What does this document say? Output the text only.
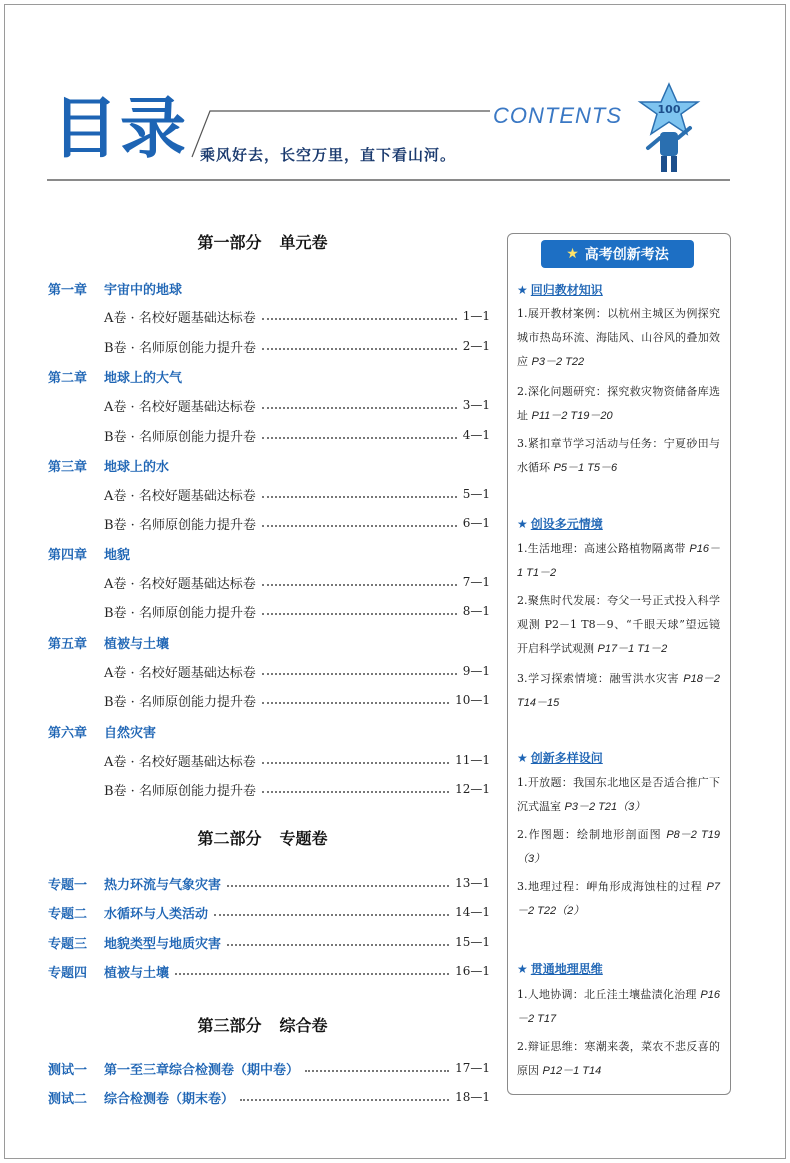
目录	CONTENTS
乘风好去，长空万里，直下看山河。
100
第一部分 单元卷
第一章 宇宙中的地球
A卷 · 名校好题基础达标卷	1—1
B卷 · 名师原创能力提升卷	2—1
第二章 地球上的大气
A卷 · 名校好题基础达标卷	3—1
B卷 · 名师原创能力提升卷	4—1
第三章 地球上的水
A卷 · 名校好题基础达标卷	5—1
B卷 · 名师原创能力提升卷	6—1
第四章 地貌
A卷 · 名校好题基础达标卷	7—1
B卷 · 名师原创能力提升卷	8—1
第五章 植被与土壤
A卷 · 名校好题基础达标卷	9—1
B卷 · 名师原创能力提升卷	10—1
第六章 自然灾害
A卷 · 名校好题基础达标卷	11—1
B卷 · 名师原创能力提升卷	12—1
第二部分 专题卷
专题一	热力环流与气象灾害	13—1
专题二	水循环与人类活动	14—1
专题三	地貌类型与地质灾害	15—1
专题四	植被与土壤	16—1
第三部分 综合卷
测试一	第一至三章综合检测卷（期中卷）	17—1
测试二	综合检测卷（期末卷）	18—1
★ 高考创新考法
★ 回归教材知识
1.展开教材案例：以杭州主城区为例探究城市热岛环流、海陆风、山谷风的叠加效应 P3－2 T22
2.深化问题研究：探究救灾物资储备库选址 P11－2 T19－20
3.紧扣章节学习活动与任务：宁夏砂田与水循环 P5－1 T5－6
★ 创设多元情境
1.生活地理：高速公路植物隔离带 P16－1 T1－2
2.聚焦时代发展：夸父一号正式投入科学观测 P2－1 T8－9、“千眼天球”望远镜开启科学试观测 P17－1 T1－2
3.学习探索情境：融雪洪水灾害 P18－2 T14－15
★ 创新多样设问
1.开放题：我国东北地区是否适合推广下沉式温室 P3－2 T21（3）
2.作图题：绘制地形剖面图 P8－2 T19（3）
3.地理过程：岬角形成海蚀柱的过程 P7－2 T22（2）
★ 贯通地理思维
1.人地协调：北丘洼土壤盐渍化治理 P16－2 T17
2.辩证思维：寒潮来袭，菜农不悲反喜的原因 P12－1 T14
